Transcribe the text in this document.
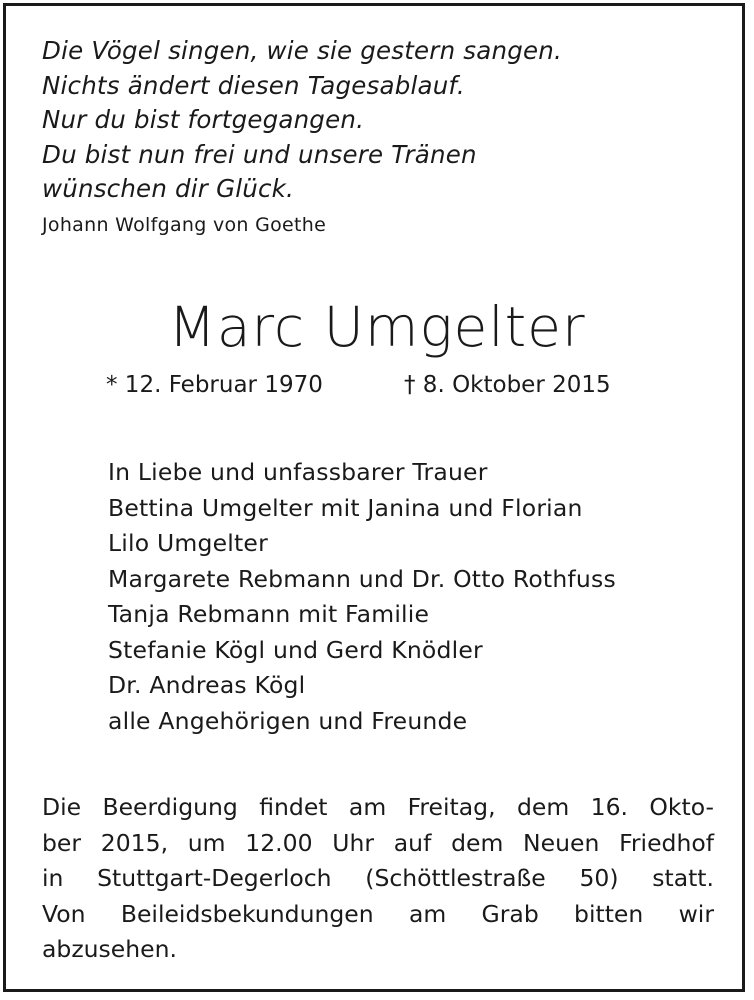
Die Vögel singen, wie sie gestern sangen.
Nichts ändert diesen Tagesablauf.
Nur du bist fortgegangen.
Du bist nun frei und unsere Tränen
wünschen dir Glück.
Johann Wolfgang von Goethe
Marc Umgelter
* 12. Februar 1970	† 8. Oktober 2015
In Liebe und unfassbarer Trauer
Bettina Umgelter mit Janina und Florian
Lilo Umgelter
Margarete Rebmann und Dr. Otto Rothfuss
Tanja Rebmann mit Familie
Stefanie Kögl und Gerd Knödler
Dr. Andreas Kögl
alle Angehörigen und Freunde
Die Beerdigung findet am Freitag, dem 16. Okto-
ber 2015, um 12.00 Uhr auf dem Neuen Friedhof
in Stuttgart-Degerloch (Schöttlestraße 50) statt.
Von Beileidsbekundungen am Grab bitten wir
abzusehen.
